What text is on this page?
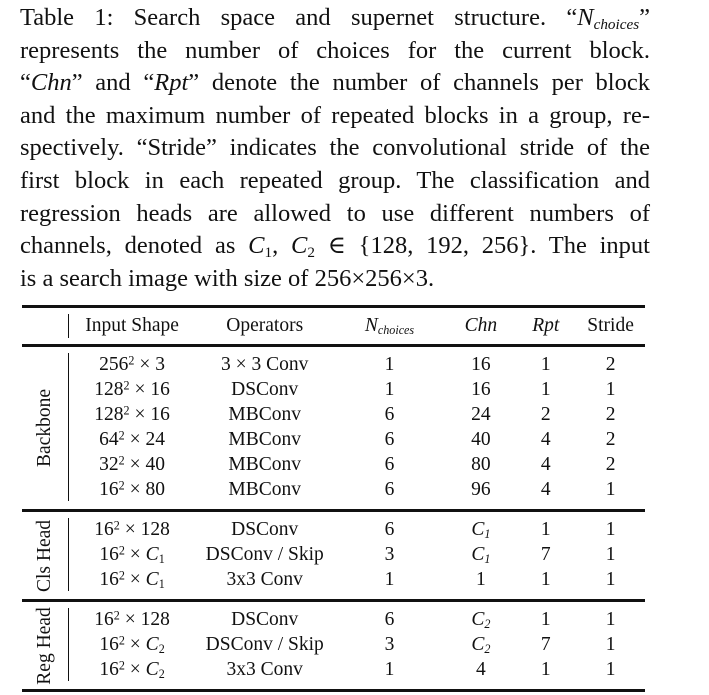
Table 1: Search space and supernet structure. “$N_{choices}$”
represents the number of choices for the current block.
“Chn” and “Rpt” denote the number of channels per block
and the maximum number of repeated blocks in a group, re-
spectively. “Stride” indicates the convolutional stride of the
first block in each repeated group. The classification and
regression heads are allowed to use different numbers of
channels, denoted as $C_1$, $C_2$ ∈ {128, 192, 256}. The input
is a search image with size of 256×256×3.
Input Shape	Operators	$N_{choices}$	Chn	Rpt	Stride
Backbone
$256^2 \times 3$	3 × 3 Conv	1	16	1	2
$128^2 \times 16$	DSConv	1	16	1	1
$128^2 \times 16$	MBConv	6	24	2	2
$64^2 \times 24$	MBConv	6	40	4	2
$32^2 \times 40$	MBConv	6	80	4	2
$16^2 \times 80$	MBConv	6	96	4	1
Cls Head	$16^2 \times 128$	DSConv	6	$C_1$	1	1
$16^2 \times C_1$	DSConv / Skip	3	$C_1$	7	1
$16^2 \times C_1$	3x3 Conv	1	1	1	1
Reg Head	$16^2 \times 128$	DSConv	6	$C_2$	1	1
$16^2 \times C_2$	DSConv / Skip	3	$C_2$	7	1
$16^2 \times C_2$	3x3 Conv	1	4	1	1
